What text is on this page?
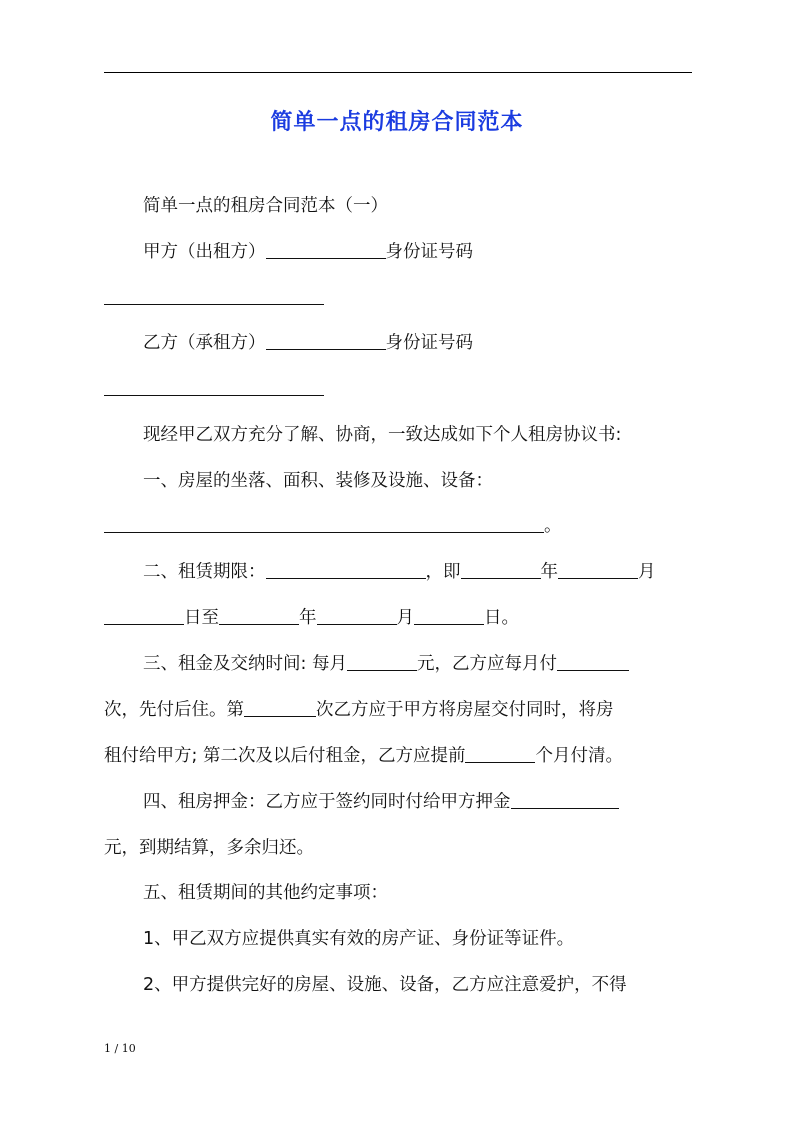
简单一点的租房合同范本
简单一点的租房合同范本（一）
甲方（出租方）	身份证号码
乙方（承租方）	身份证号码
现经甲乙双方充分了解、协商，一致达成如下个人租房协议书:
一、房屋的坐落、面积、装修及设施、设备：
。
二、租赁期限：	，即	年	月
日至	年	月	日。
三、租金及交纳时间: 每月	元，乙方应每月付
次，先付后住。第	次乙方应于甲方将房屋交付同时，将房
租付给甲方; 第二次及以后付租金，乙方应提前	个月付清。
四、租房押金：乙方应于签约同时付给甲方押金
元，到期结算，多余归还。
五、租赁期间的其他约定事项：
1、甲乙双方应提供真实有效的房产证、身份证等证件。
2、甲方提供完好的房屋、设施、设备，乙方应注意爱护，不得
1 / 10
